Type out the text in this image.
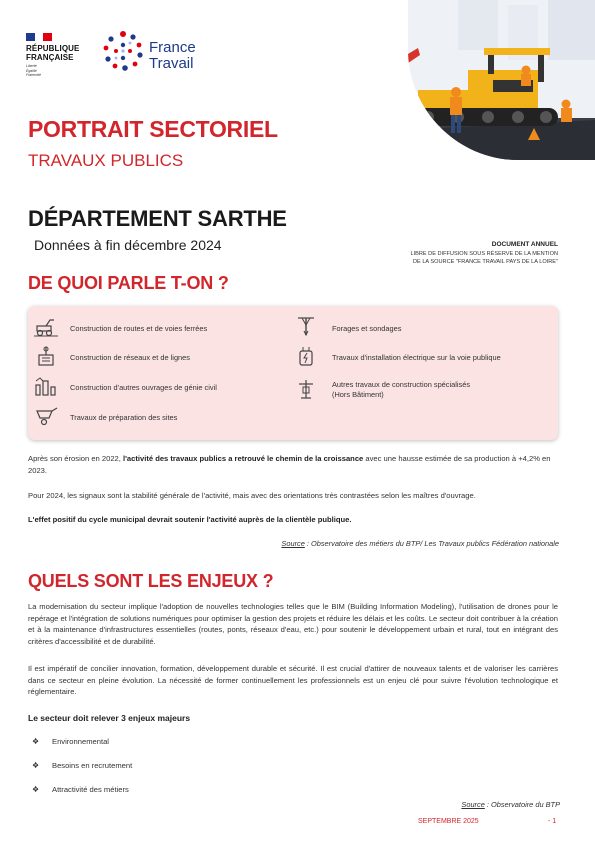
RÉPUBLIQUE
FRANÇAISE
Liberté
Égalité
Fraternité
France
Travail
PORTRAIT SECTORIEL
TRAVAUX PUBLICS
DÉPARTEMENT SARTHE
Données à fin décembre 2024	DOCUMENT ANNUEL
LIBRE DE DIFFUSION SOUS RÉSERVE DE LA MENTION
DE LA SOURCE "FRANCE TRAVAIL PAYS DE LA LOIRE"
DE QUOI PARLE T-ON ?
Construction de routes et de voies ferrées
Construction de réseaux et de lignes
Construction d'autres ouvrages de génie civil
Travaux de préparation des sites
Forages et sondages
Travaux d'installation électrique sur la voie publique
Autres travaux de construction spécialisés
(Hors Bâtiment)
Après son érosion en 2022, l'activité des travaux publics a retrouvé le chemin de la croissance avec une hausse estimée de sa production à +4,2% en 2023.
Pour 2024, les signaux sont la stabilité générale de l'activité, mais avec des orientations très contrastées selon les maîtres d'ouvrage.
L'effet positif du cycle municipal devrait soutenir l'activité auprès de la clientèle publique.
Source : Observatoire des métiers du BTP/ Les Travaux publics Fédération nationale
QUELS SONT LES ENJEUX ?
La modernisation du secteur implique l'adoption de nouvelles technologies telles que le BIM (Building Information Modeling), l'utilisation de drones pour le repérage et l'intégration de solutions numériques pour optimiser la gestion des projets et réduire les délais et les coûts. Le secteur doit contribuer à la création et à la maintenance d'infrastructures essentielles (routes, ponts, réseaux d'eau, etc.) pour soutenir le développement urbain et rural, tout en intégrant des critères d'accessibilité et de durabilité.
Il est impératif de concilier innovation, formation, développement durable et sécurité. Il est crucial d'attirer de nouveaux talents et de valoriser les carrières dans ce secteur en pleine évolution. La nécessité de former continuellement les professionnels est un enjeu clé pour suivre l'évolution technologique et réglementaire.
Le secteur doit relever 3 enjeux majeurs
❖	Environnemental
❖	Besoins en recrutement
❖	Attractivité des métiers
Source : Observatoire du BTP
SEPTEMBRE 2025	- 1
